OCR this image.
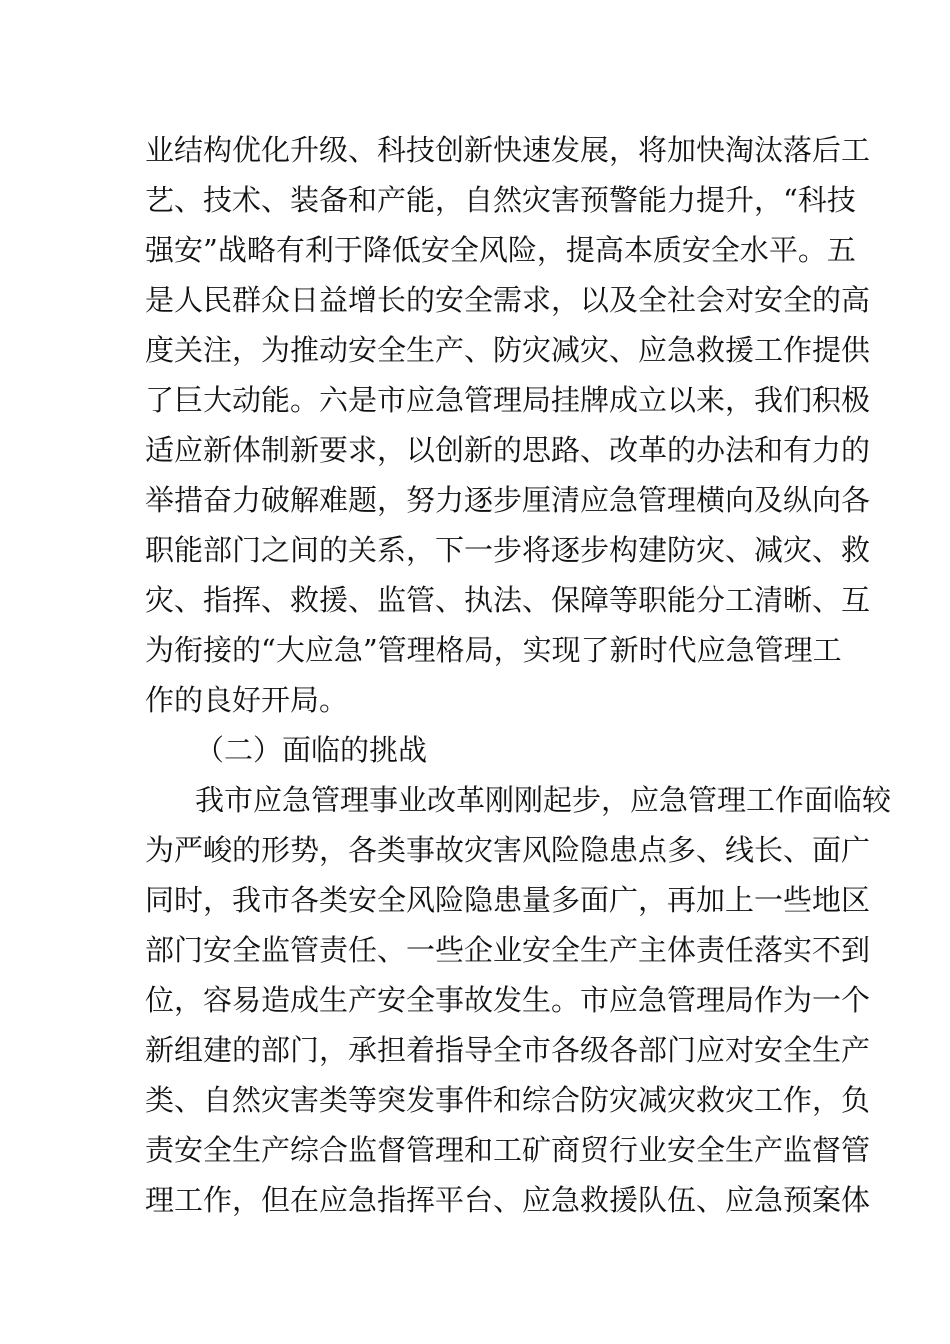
业结构优化升级、科技创新快速发展，将加快淘汰落后工
艺、技术、装备和产能，自然灾害预警能力提升，“科技
强安”战略有利于降低安全风险，提高本质安全水平。五
是人民群众日益增长的安全需求，以及全社会对安全的高
度关注，为推动安全生产、防灾减灾、应急救援工作提供
了巨大动能。六是市应急管理局挂牌成立以来，我们积极
适应新体制新要求，以创新的思路、改革的办法和有力的
举措奋力破解难题，努力逐步厘清应急管理横向及纵向各
职能部门之间的关系，下一步将逐步构建防灾、减灾、救
灾、指挥、救援、监管、执法、保障等职能分工清晰、互
为衔接的“大应急”管理格局，实现了新时代应急管理工
作的良好开局。
（二）面临的挑战
我市应急管理事业改革刚刚起步，应急管理工作面临较
为严峻的形势，各类事故灾害风险隐患点多、线长、面广
同时，我市各类安全风险隐患量多面广，再加上一些地区
部门安全监管责任、一些企业安全生产主体责任落实不到
位，容易造成生产安全事故发生。市应急管理局作为一个
新组建的部门，承担着指导全市各级各部门应对安全生产
类、自然灾害类等突发事件和综合防灾减灾救灾工作，负
责安全生产综合监督管理和工矿商贸行业安全生产监督管
理工作，但在应急指挥平台、应急救援队伍、应急预案体
